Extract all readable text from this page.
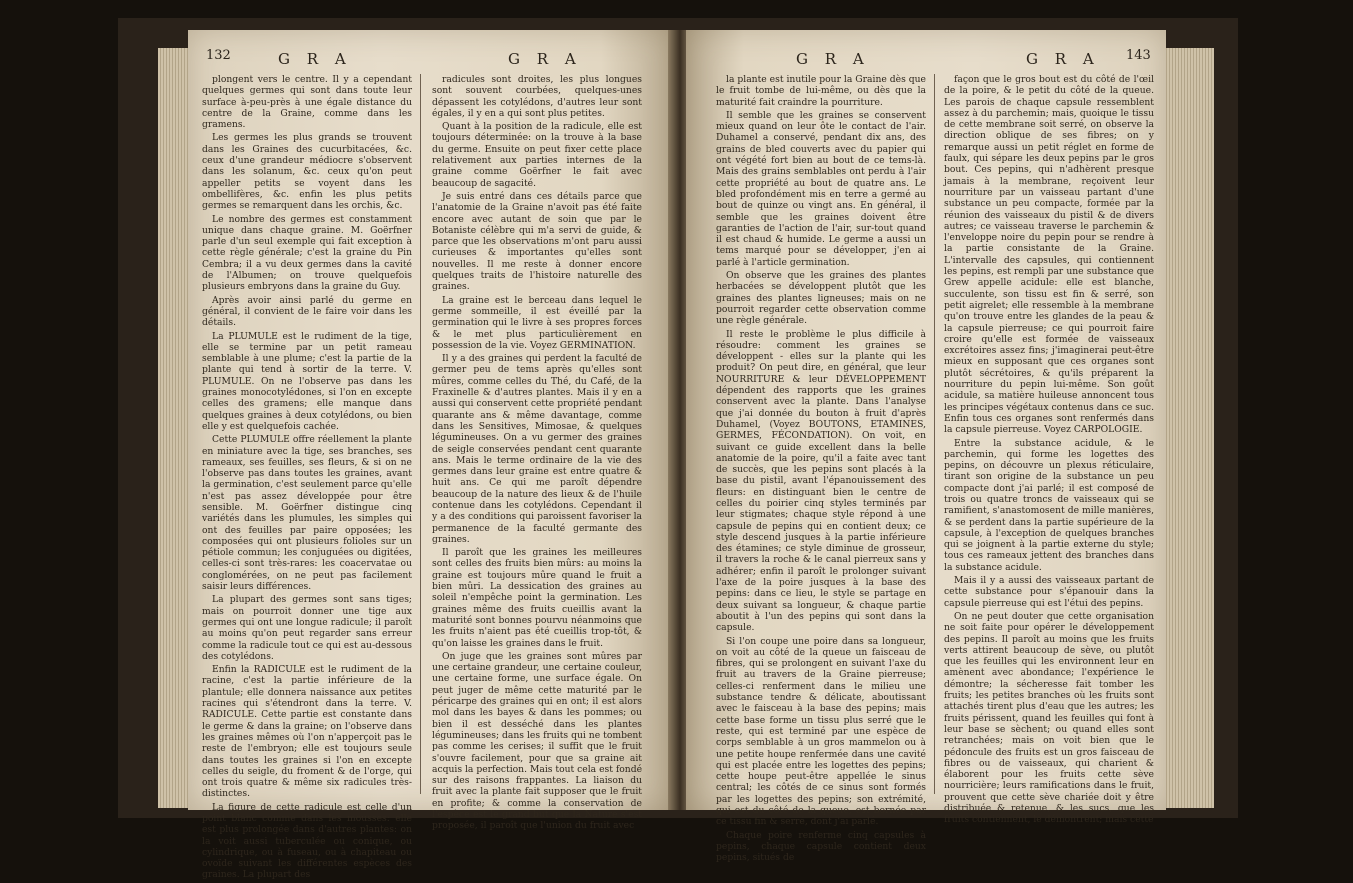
132	G R A	G R A

plongent vers le centre. Il y a cependant quelques germes qui sont dans toute leur surface à-peu-près à une égale distance du centre de la Graine, comme dans les gramens.

Les germes les plus grands se trouvent dans les Graines des cucurbitacées, &c. ceux d'une grandeur médiocre s'observent dans les solanum, &c. ceux qu'on peut appeller petits se voyent dans les ombellifères, &c. enfin les plus petits germes se remarquent dans les orchis, &c.

Le nombre des germes est constamment unique dans chaque graine. M. Goërfner parle d'un seul exemple qui fait exception à cette règle générale; c'est la graine du Pin Cembra; il a vu deux germes dans la cavité de l'Albumen; on trouve quelquefois plusieurs embryons dans la graine du Guy.

Après avoir ainsi parlé du germe en général, il convient de le faire voir dans les détails.

La PLUMULE est le rudiment de la tige, elle se termine par un petit rameau semblable à une plume; c'est la partie de la plante qui tend à sortir de la terre. V. PLUMULE. On ne l'observe pas dans les graines monocotylédones, si l'on en excepte celles des gramens; elle manque dans quelques graines à deux cotylédons, ou bien elle y est quelquefois cachée.

Cette PLUMULE offre réellement la plante en miniature avec la tige, ses branches, ses rameaux, ses feuilles, ses fleurs, & si on ne l'observe pas dans toutes les graines, avant la germination, c'est seulement parce qu'elle n'est pas assez développée pour être sensible. M. Goërfner distingue cinq variétés dans les plumules, les simples qui ont des feuilles par paire opposées; les composées qui ont plusieurs folioles sur un pétiole commun; les conjuguées ou digitées, celles-ci sont très-rares: les coacervatae ou conglomérées, on ne peut pas facilement saisir leurs différences.

La plupart des germes sont sans tiges; mais on pourroit donner une tige aux germes qui ont une longue radicule; il paroît au moins qu'on peut regarder sans erreur comme la radicule tout ce qui est au-dessous des cotylédons.

Enfin la RADICULE est le rudiment de la racine, c'est la partie inférieure de la plantule; elle donnera naissance aux petites racines qui s'étendront dans la terre. V. RADICULE. Cette partie est constante dans le germe & dans la graine; on l'observe dans les graines mêmes où l'on n'apperçoit pas le reste de l'embryon; elle est toujours seule dans toutes les graines si l'on en excepte celles du seigle, du froment & de l'orge, qui ont trois quatre & même six radicules très-distinctes.

La figure de cette radicule est celle d'un point blanc comme dans les mousses: elle est plus prolongée dans d'autres plantes: on la voit aussi tuberculée ou conique, ou cylindrique, ou à fuseau, ou à chapiteau ou ovoïde suivant les différentes espèces des graines. La plupart des

radicules sont droites, les plus longues sont souvent courbées, quelques-unes dépassent les cotylédons, d'autres leur sont égales, il y en a qui sont plus petites.

Quant à la position de la radicule, elle est toujours déterminée: on la trouve à la base du germe. Ensuite on peut fixer cette place relativement aux parties internes de la graine comme Goërfner le fait avec beaucoup de sagacité.

Je suis entré dans ces détails parce que l'anatomie de la Graine n'avoit pas été faite encore avec autant de soin que par le Botaniste célèbre qui m'a servi de guide, & parce que les observations m'ont paru aussi curieuses & importantes qu'elles sont nouvelles. Il me reste à donner encore quelques traits de l'histoire naturelle des graines.

La graine est le berceau dans lequel le germe sommeille, il est éveillé par la germination qui le livre à ses propres forces & le met plus particulièrement en possession de la vie. Voyez GERMINATION.

Il y a des graines qui perdent la faculté de germer peu de tems après qu'elles sont mûres, comme celles du Thé, du Café, de la Fraxinelle & d'autres plantes. Mais il y en a aussi qui conservent cette propriété pendant quarante ans & même davantage, comme dans les Sensitives, Mimosae, & quelques légumineuses. On a vu germer des graines de seigle conservées pendant cent quarante ans. Mais le terme ordinaire de la vie des germes dans leur graine est entre quatre & huit ans. Ce qui me paroît dépendre beaucoup de la nature des lieux & de l'huile contenue dans les cotylédons. Cependant il y a des conditions qui paroissent favoriser la permanence de la faculté germante des graines.

Il paroît que les graines les meilleures sont celles des fruits bien mûrs: au moins la graine est toujours mûre quand le fruit a bien mûri. La dessication des graines au soleil n'empêche point la germination. Les graines même des fruits cueillis avant la maturité sont bonnes pourvu néanmoins que les fruits n'aient pas été cueillis trop-tôt, & qu'on laisse les graines dans le fruit.

On juge que les graines sont mûres par une certaine grandeur, une certaine couleur, une certaine forme, une surface égale. On peut juger de même cette maturité par le péricarpe des graines qui en ont; il est alors mol dans les bayes & dans les pommes; ou bien il est desséché dans les plantes légumineuses; dans les fruits qui ne tombent pas comme les cerises; il suffit que le fruit s'ouvre facilement, pour que sa graine ait acquis la perfection. Mais tout cela est fondé sur des raisons frappantes. La liaison du fruit avec la plante fait supposer que le fruit en profite; & comme la conservation de l'espèce est le grand but que la Nature s'est proposée, il paroît que l'union du fruit avec

G R A	G R A 143

la plante est inutile pour la Graine dès que le fruit tombe de lui-même, ou dès que la maturité fait craindre la pourriture.

Il semble que les graines se conservent mieux quand on leur ôte le contact de l'air. Duhamel a conservé, pendant dix ans, des grains de bled couverts avec du papier qui ont végété fort bien au bout de ce tems-là. Mais des grains semblables ont perdu à l'air cette propriété au bout de quatre ans. Le bled profondément mis en terre a germé au bout de quinze ou vingt ans. En général, il semble que les graines doivent être garanties de l'action de l'air, sur-tout quand il est chaud & humide. Le germe a aussi un tems marqué pour se développer, j'en ai parlé à l'article germination.

On observe que les graines des plantes herbacées se développent plutôt que les graines des plantes ligneuses; mais on ne pourroit regarder cette observation comme une règle générale.

Il reste le problème le plus difficile à résoudre: comment les graines se développent - elles sur la plante qui les produit? On peut dire, en général, que leur NOURRITURE & leur DÉVELOPPEMENT dépendent des rapports que les graines conservent avec la plante. Dans l'analyse que j'ai donnée du bouton à fruit d'après Duhamel, (Voyez BOUTONS, ETAMINES, GERMES, FÉCONDATION). On voit, en suivant ce guide excellent dans la belle anatomie de la poire, qu'il a faite avec tant de succès, que les pepins sont placés à la base du pistil, avant l'épanouissement des fleurs: en distinguant bien le centre de celles du poirier cinq styles terminés par leur stigmates; chaque style répond à une capsule de pepins qui en contient deux; ce style descend jusques à la partie inférieure des étamines; ce style diminue de grosseur, il travers la roche & le canal pierreux sans y adhérer; enfin il paroît le prolonger suivant l'axe de la poire jusques à la base des pepins: dans ce lieu, le style se partage en deux suivant sa longueur, & chaque partie aboutit à l'un des pepins qui sont dans la capsule.

Si l'on coupe une poire dans sa longueur, on voit au côté de la queue un faisceau de fibres, qui se prolongent en suivant l'axe du fruit au travers de la Graine pierreuse; celles-ci renferment dans le milieu une substance tendre & délicate, aboutissant avec le faisceau à la base des pepins; mais cette base forme un tissu plus serré que le reste, qui est terminé par une espèce de corps semblable à un gros mammelon ou à une petite houpe renfermée dans une cavité qui est placée entre les logettes des pepins; cette houpe peut-être appellée le sinus central; les côtés de ce sinus sont formés par les logettes des pepins; son extrémité, qui est du côté de la queue, est bornée par ce tissu fin & serré, dont j'ai parlé.

Chaque poire renferme cinq capsules à pepins, chaque capsule contient deux pepins, situés de

façon que le gros bout est du côté de l'œil de la poire, & le petit du côté de la queue. Les parois de chaque capsule ressemblent assez à du parchemin; mais, quoique le tissu de cette membrane soit serré, on observe la direction oblique de ses fibres; on y remarque aussi un petit réglet en forme de faulx, qui sépare les deux pepins par le gros bout. Ces pepins, qui n'adhèrent presque jamais à la membrane, reçoivent leur nourriture par un vaisseau partant d'une substance un peu compacte, formée par la réunion des vaisseaux du pistil & de divers autres; ce vaisseau traverse le parchemin & l'enveloppe noire du pepin pour se rendre à la partie consistante de la Graine. L'intervalle des capsules, qui contiennent les pepins, est rempli par une substance que Grew appelle acidule: elle est blanche, succulente, son tissu est fin & serré, son petit aigrelet; elle ressemble à la membrane qu'on trouve entre les glandes de la peau & la capsule pierreuse; ce qui pourroit faire croire qu'elle est formée de vaisseaux excrétoires assez fins; j'imaginerai peut-être mieux en supposant que ces organes sont plutôt sécrétoires, & qu'ils préparent la nourriture du pepin lui-même. Son goût acidule, sa matière huileuse annoncent tous les principes végétaux contenus dans ce suc. Enfin tous ces organes sont renfermés dans la capsule pierreuse. Voyez CARPOLOGIE.

Entre la substance acidule, & le parchemin, qui forme les logettes des pepins, on découvre un plexus réticulaire, tirant son origine de la substance un peu compacte dont j'ai parlé; il est composé de trois ou quatre troncs de vaisseaux qui se ramifient, s'anastomosent de mille manières, & se perdent dans la partie supérieure de la capsule, à l'exception de quelques branches qui se joignent à la partie externe du style; tous ces rameaux jettent des branches dans la substance acidule.

Mais il y a aussi des vaisseaux partant de cette substance pour s'épanouir dans la capsule pierreuse qui est l'étui des pepins.

On ne peut douter que cette organisation ne soit faite pour opérer le développement des pepins. Il paroît au moins que les fruits verts attirent beaucoup de sève, ou plutôt que les feuilles qui les environnent leur en amènent avec abondance; l'expérience le démontre; la sécheresse fait tomber les fruits; les petites branches où les fruits sont attachés tirent plus d'eau que les autres; les fruits périssent, quand les feuilles qui font à leur base se sèchent; ou quand elles sont retranchées; mais on voit bien que le pédoncule des fruits est un gros faisceau de fibres ou de vaisseaux, qui charient & élaborent pour les fruits cette sève nourricière; leurs ramifications dans le fruit, prouvent que cette sève chariée doit y être distribuée & retenue, & les sucs, que les fruits contiennent, le démontrent; mais cette
